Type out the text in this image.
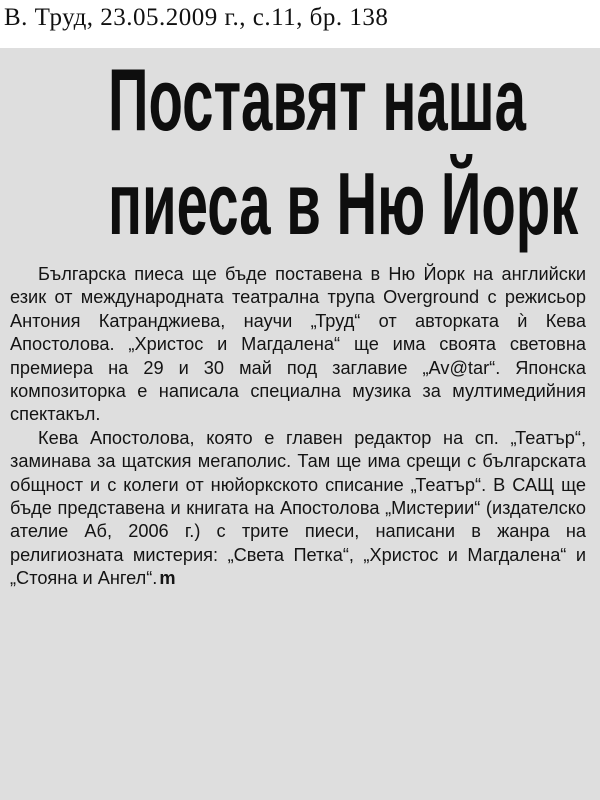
В. Труд, 23.05.2009 г., с.11, бр. 138
Поставят наша
пиеса в Ню Йорк

Българска пиеса ще бъде поставена в Ню Йорк на английски език от международната театрална трупа Overground с режисьор Антония Катранджиева, научи „Труд“ от авторката ѝ Кева Апостолова. „Христос и Магдалена“ ще има своята световна премиера на 29 и 30 май под заглавие „Av@tar“. Японска композиторка е написала специална музика за мултимедийния спектакъл.

Кева Апостолова, която е главен редактор на сп. „Театър“, заминава за щатския мегаполис. Там ще има срещи с българската общност и с колеги от нюйоркското списание „Театър“. В САЩ ще бъде представена и книгата на Апостолова „Мистерии“ (издателско ателие Аб, 2006 г.) с трите пиеси, написани в жанра на религиозната мистерия: „Света Петка“, „Христос и Магдалена“ и „Стояна и Ангел“. m
